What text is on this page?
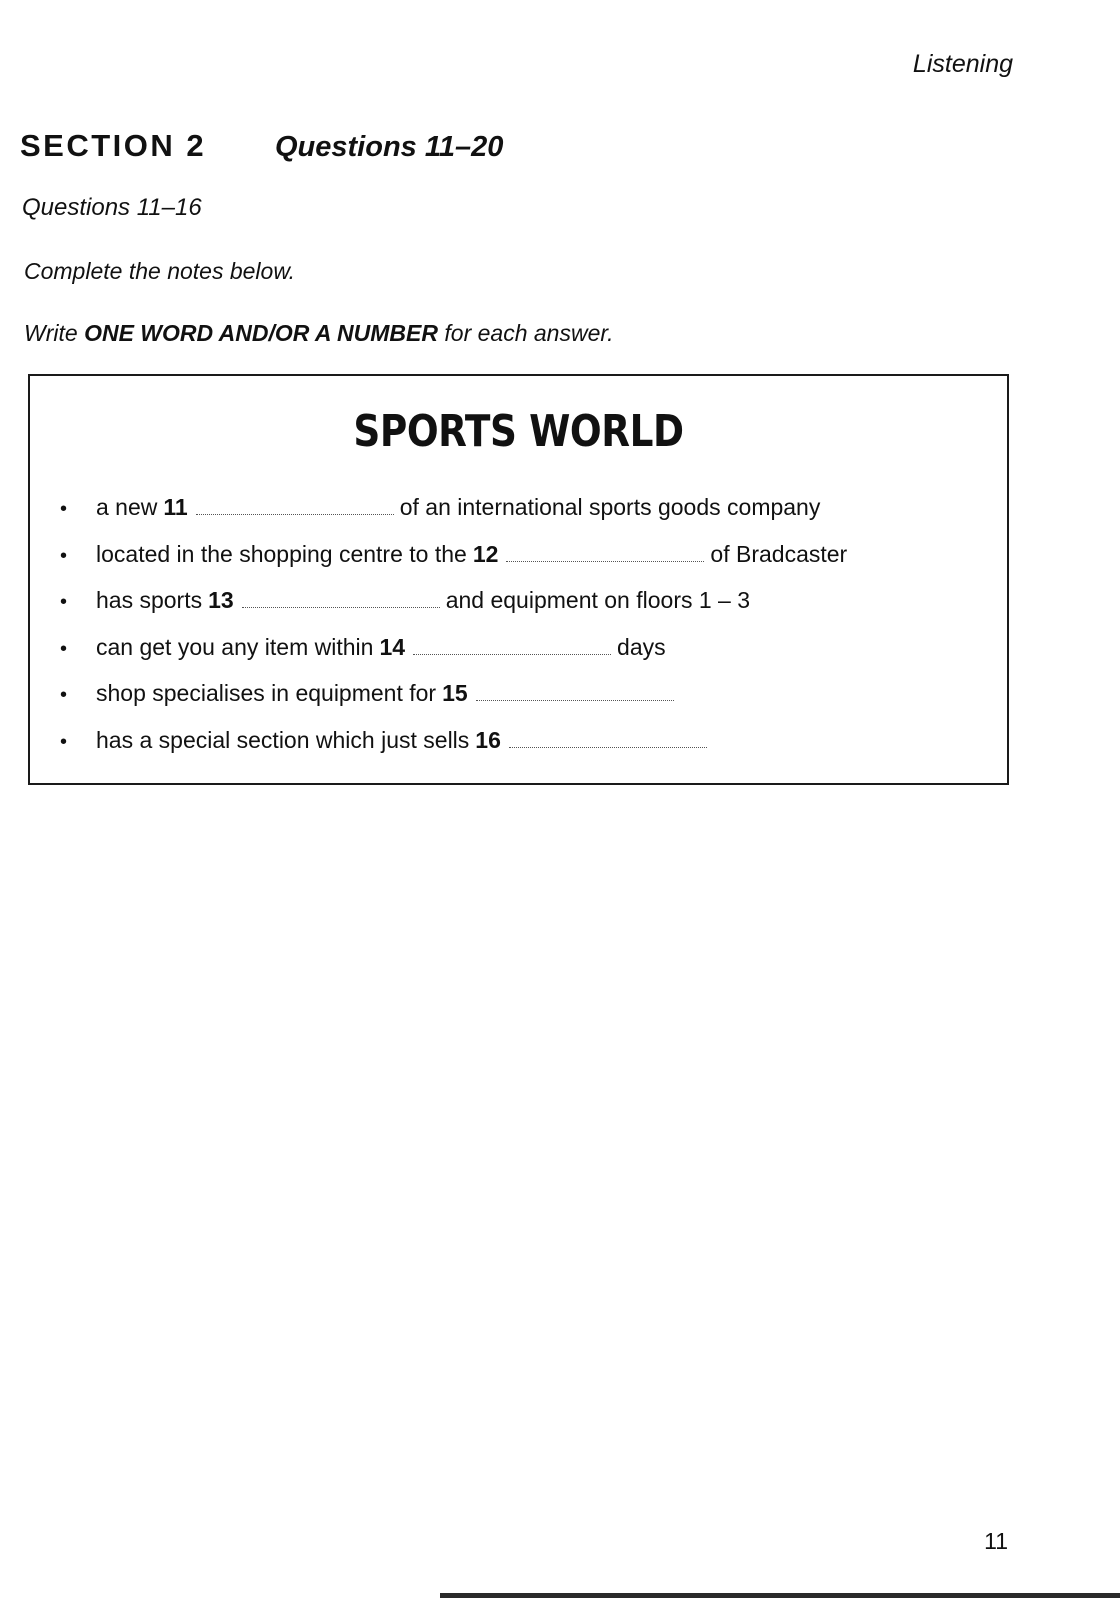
Listening
SECTION 2	Questions 11–20
Questions 11–16
Complete the notes below.
Write ONE WORD AND/OR A NUMBER for each answer.
SPORTS WORLD
•	a new 11	of an international sports goods company
•	located in the shopping centre to the 12	of Bradcaster
•	has sports 13	and equipment on floors 1 – 3
•	can get you any item within 14	days
•	shop specialises in equipment for 15
•	has a special section which just sells 16
11
